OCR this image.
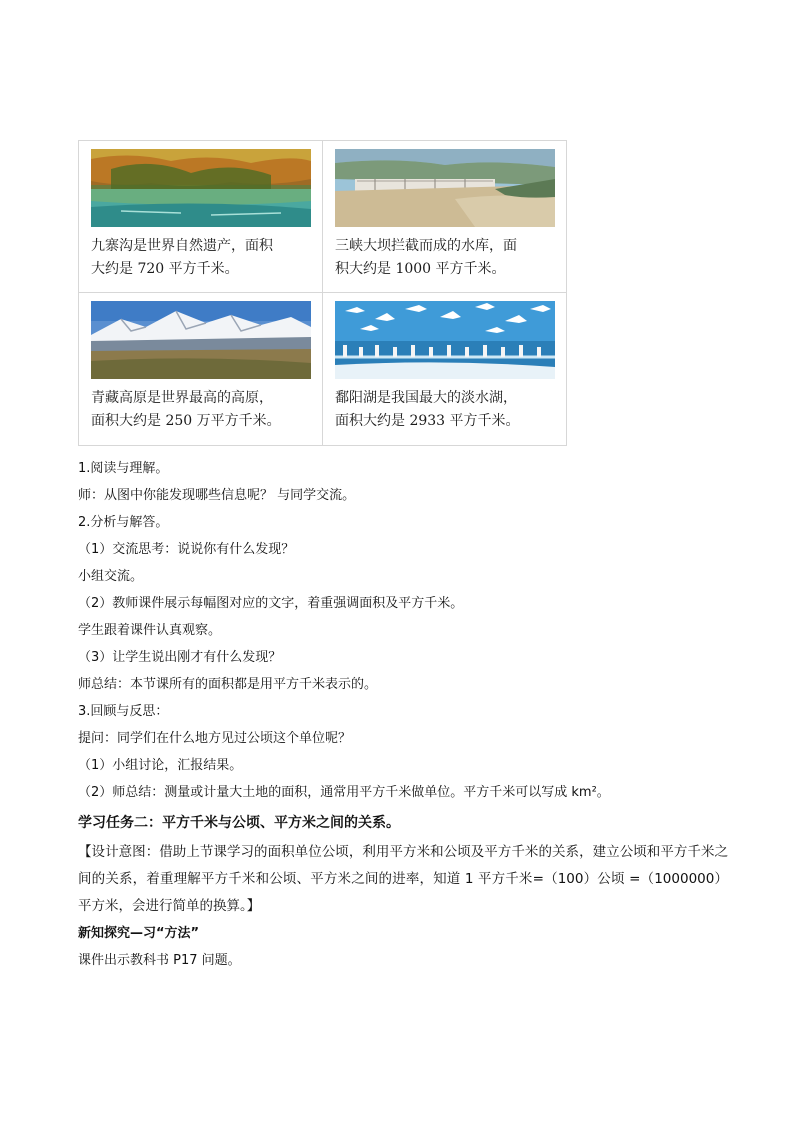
九寨沟是世界自然遗产，面积
大约是 720 平方千米。
三峡大坝拦截而成的水库，面
积大约是 1000 平方千米。
青藏高原是世界最高的高原，
面积大约是 250 万平方千米。
鄱阳湖是我国最大的淡水湖，
面积大约是 2933 平方千米。
1.阅读与理解。
师：从图中你能发现哪些信息呢？ 与同学交流。
2.分析与解答。
（1）交流思考：说说你有什么发现？
小组交流。
（2）教师课件展示每幅图对应的文字，着重强调面积及平方千米。
学生跟着课件认真观察。
（3）让学生说出刚才有什么发现？
师总结：本节课所有的面积都是用平方千米表示的。
3.回顾与反思：
提问：同学们在什么地方见过公顷这个单位呢？
（1）小组讨论，汇报结果。
（2）师总结：测量或计量大土地的面积，通常用平方千米做单位。平方千米可以写成 km²。
学习任务二：平方千米与公顷、平方米之间的关系。
【设计意图：借助上节课学习的面积单位公顷，利用平方米和公顷及平方千米的关系，建立公顷和平方千米之间的关系，着重理解平方千米和公顷、平方米之间的进率，知道 1 平方千米=（100）公顷 =（1000000）平方米，会进行简单的换算。】
新知探究—习“方法”
课件出示教科书 P17 问题。
